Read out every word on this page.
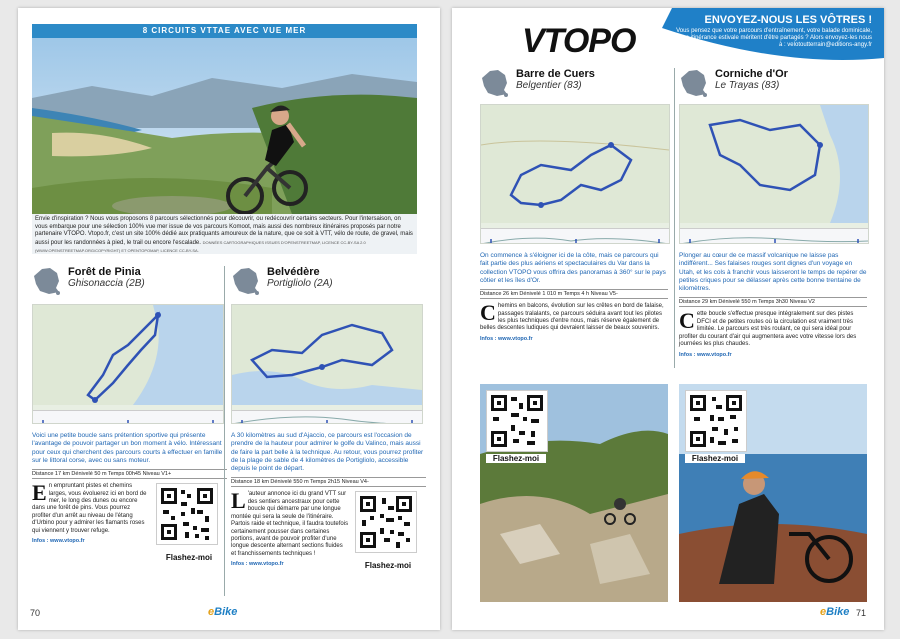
8 CIRCUITS VTTAE AVEC VUE MER
Envie d'inspiration ? Nous vous proposons 8 parcours sélectionnés pour découvrir, ou redécouvrir certains secteurs. Pour l'intersaison, on vous embarque pour une sélection 100% vue mer issue de vos parcours Komoot, mais aussi des nombreux itinéraires proposés par notre partenaire VTOPO. Vtopo.fr, c'est un site 100% dédié aux pratiquants amoureux de la nature, que ce soit à VTT, vélo de route, de gravel, mais aussi pour les randonnées à pied, le trail ou encore l'escalade. DONNÉES CARTOGRAPHIQUES ISSUES D'OPENSTREETMAP, LICENCE CC-BY-SA 2.0 (WWW.OPENSTREETMAP.ORG/COPYRIGHT) ET OPENTOPOMAP, LICENCE CC-BY-SA.
Forêt de Pinia
Ghisonaccia (2B)
Voici une petite boucle sans prétention sportive qui présente l'avantage de pouvoir partager un bon moment à vélo. Intéressant pour ceux qui cherchent des parcours courts à effectuer en famille sur le littoral corse, avec ou sans moteur.
Distance 17 km Dénivelé 50 m Temps 00h45 Niveau V1+
E n empruntant pistes et chemins larges, vous évoluerez ici en bord de mer, le long des dunes ou encore dans une forêt de pins. Vous pourrez profiter d'un arrêt au niveau de l'étang d'Urbino pour y admirer les flamants roses qui viennent y trouver refuge.
Infos : www.vtopo.fr
Flashez-moi
Belvédère
Portigliolo (2A)
A 30 kilomètres au sud d'Ajaccio, ce parcours est l'occasion de prendre de la hauteur pour admirer le golfe du Valinco, mais aussi de faire la part belle à la technique. Au retour, vous pourrez profiter de la plage de sable de 4 kilomètres de Portigliolo, accessible depuis le point de départ.
Distance 18 km Dénivelé 550 m Temps 2h15 Niveau V4-
L 'auteur annonce ici du grand VTT sur des sentiers ancestraux pour cette boucle qui démarre par une longue montée qui sera la seule de l'itinéraire. Partois raide et technique, il faudra toutefois certainement pousser dans certaines portions, avant de pouvoir profiter d'une longue descente alternant sections fluides et franchissements techniques !
Infos : www.vtopo.fr	Flashez-moi
70	eBike
VTOPO
ENVOYEZ-NOUS LES VÔTRES !
Vous pensez que votre parcours d'entraînement, votre balade dominicale, votre itinérance estivale méritent d'être partagés ? Alors envoyez-les nous à : velotoutterrain@editions-angy.fr
Barre de Cuers
Belgentier (83)
On commence à s'éloigner ici de la côte, mais ce parcours qui fait partie des plus aériens et spectaculaires du Var dans la collection VTOPO vous offrira des panoramas à 360° sur le pays côtier et les îles d'Or.
Distance 26 km Dénivelé 1 010 m Temps 4 h Niveau V5-
C hemins en balcons, évolution sur les crêtes en bord de falaise, passages tralalants, ce parcours séduira avant tout les pilotes les plus techniques d'entre nous, mais réserve également de belles descentes ludiques qui devraient laisser de beaux souvenirs.
Infos : www.vtopo.fr
Corniche d'Or
Le Trayas (83)
Plonger au cœur de ce massif volcanique ne laisse pas indifférent... Ses falaises rouges sont dignes d'un voyage en Utah, et les cols à franchir vous laisseront le temps de repérer de petites criques pour se délasser après cette bonne trentaine de kilomètres.
Distance 29 km Dénivelé 550 m Temps 3h30 Niveau V2
C ette boucle s'effectue presque intégralement sur des pistes DFCI et de petites routes où la circulation est vraiment très limitée. Le parcours est très roulant, ce qui sera idéal pour profiter du courant d'air qui augmentera avec votre vitesse lors des journées les plus chaudes.
Infos : www.vtopo.fr
Flashez-moi	Flashez-moi
eBike 71
